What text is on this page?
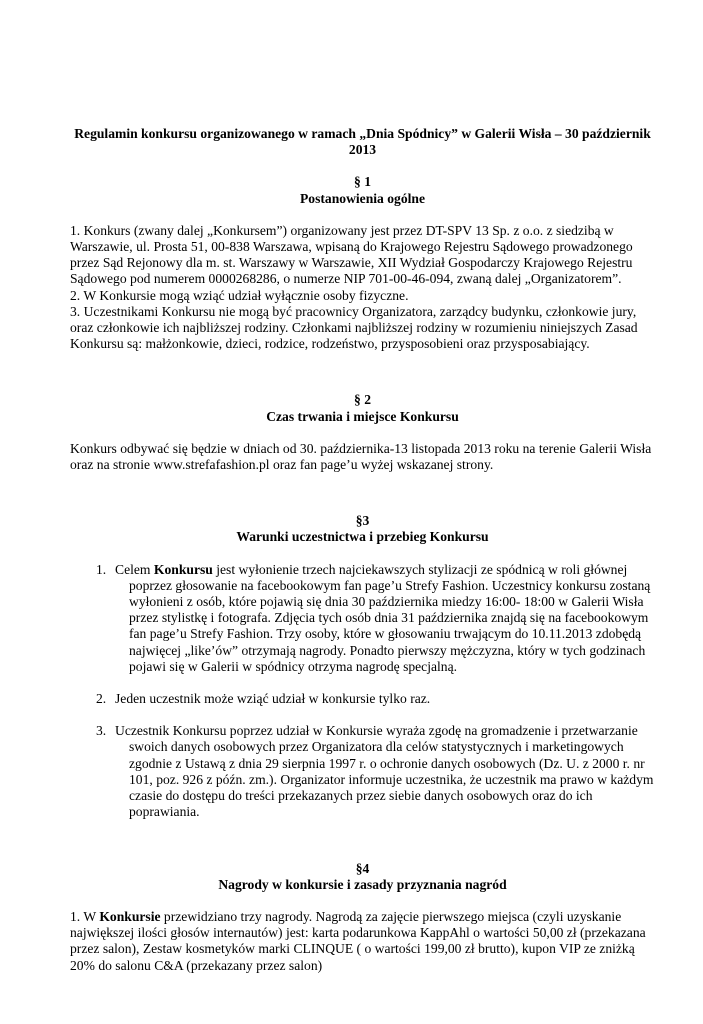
Regulamin konkursu organizowanego w ramach „Dnia Spódnicy” w Galerii Wisła – 30 październik 2013

§ 1

Postanowienia ogólne

1. Konkurs (zwany dalej „Konkursem”) organizowany jest przez DT-SPV 13 Sp. z o.o. z siedzibą w Warszawie, ul. Prosta 51, 00-838 Warszawa, wpisaną do Krajowego Rejestru Sądowego prowadzonego przez Sąd Rejonowy dla m. st. Warszawy w Warszawie, XII Wydział Gospodarczy Krajowego Rejestru Sądowego pod numerem 0000268286, o numerze NIP 701-00-46-094, zwaną dalej „Organizatorem”.

2. W Konkursie mogą wziąć udział wyłącznie osoby fizyczne.

3. Uczestnikami Konkursu nie mogą być pracownicy Organizatora, zarządcy budynku, członkowie jury, oraz członkowie ich najbliższej rodziny. Członkami najbliższej rodziny w rozumieniu niniejszych Zasad Konkursu są: małżonkowie, dzieci, rodzice, rodzeństwo, przysposobieni oraz przysposabiający.

§ 2

Czas trwania i miejsce Konkursu

Konkurs odbywać się będzie w dniach od 30. października-13 listopada 2013 roku na terenie Galerii Wisła oraz na stronie www.strefafashion.pl oraz fan page’u wyżej wskazanej strony.

§3

Warunki uczestnictwa i przebieg Konkursu

1. Celem Konkursu jest wyłonienie trzech najciekawszych stylizacji ze spódnicą w roli głównej poprzez głosowanie na facebookowym fan page’u Strefy Fashion. Uczestnicy konkursu zostaną wyłonieni z osób, które pojawią się dnia 30 października miedzy 16:00- 18:00 w Galerii Wisła przez stylistkę i fotografa. Zdjęcia tych osób dnia 31 października znajdą się na facebookowym fan page’u Strefy Fashion. Trzy osoby, które w głosowaniu trwającym do 10.11.2013 zdobędą najwięcej „like’ów” otrzymają nagrody. Ponadto pierwszy mężczyzna, który w tych godzinach pojawi się w Galerii w spódnicy otrzyma nagrodę specjalną.

2. Jeden uczestnik może wziąć udział w konkursie tylko raz.

3. Uczestnik Konkursu poprzez udział w Konkursie wyraża zgodę na gromadzenie i przetwarzanie swoich danych osobowych przez Organizatora dla celów statystycznych i marketingowych zgodnie z Ustawą z dnia 29 sierpnia 1997 r. o ochronie danych osobowych (Dz. U. z 2000 r. nr 101, poz. 926 z późn. zm.). Organizator informuje uczestnika, że uczestnik ma prawo w każdym czasie do dostępu do treści przekazanych przez siebie danych osobowych oraz do ich poprawiania.

§4

Nagrody w konkursie i zasady przyznania nagród

1. W Konkursie przewidziano trzy nagrody. Nagrodą za zajęcie pierwszego miejsca (czyli uzyskanie największej ilości głosów internautów) jest: karta podarunkowa KappAhl o wartości 50,00 zł (przekazana przez salon), Zestaw kosmetyków marki CLINQUE ( o wartości 199,00 zł brutto), kupon VIP ze zniżką 20% do salonu C&A (przekazany przez salon)
